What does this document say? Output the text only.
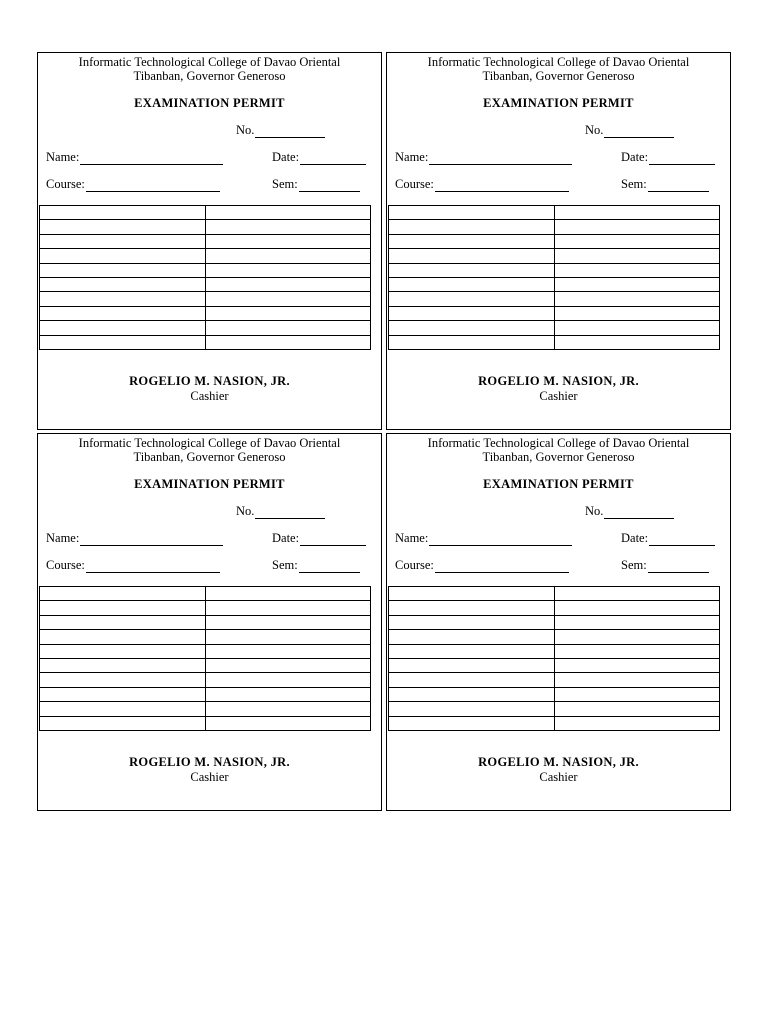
Informatic Technological College of Davao Oriental
Tibanban, Governor Generoso
EXAMINATION PERMIT
No.
Name:	Date:
Course:	Sem:

ROGELIO M. NASION, JR.
Cashier
Informatic Technological College of Davao Oriental
Tibanban, Governor Generoso
EXAMINATION PERMIT
No.
Name:	Date:
Course:	Sem:

ROGELIO M. NASION, JR.
Cashier
Informatic Technological College of Davao Oriental
Tibanban, Governor Generoso
EXAMINATION PERMIT
No.
Name:	Date:
Course:	Sem:

ROGELIO M. NASION, JR.
Cashier
Informatic Technological College of Davao Oriental
Tibanban, Governor Generoso
EXAMINATION PERMIT
No.
Name:	Date:
Course:	Sem:

ROGELIO M. NASION, JR.
Cashier
